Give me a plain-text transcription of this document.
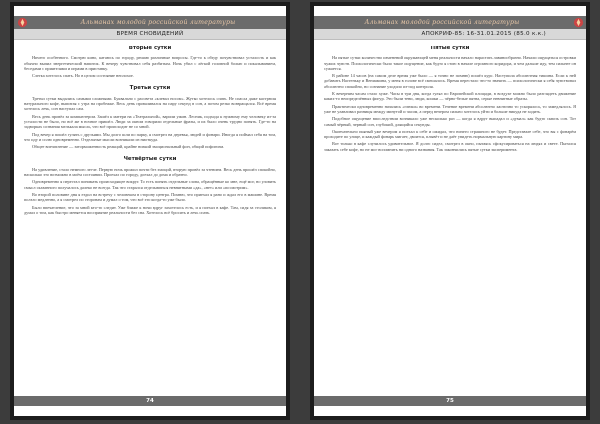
Альманах молодой российской литературы
ВРЕМЯ СНОВИДЕНИЙ
Вторые сутки

Ничего особенного. Смотрю кино, катаюсь по городу, решаю различные вопросы. Где-то к обеду почувствовал усталость и как обычно выпил энергетический напиток. К вечеру чувствовал себя разбитым. Ночь убил с лёгкой головной болью и покалыванием, беседами с приятелями и играми в приставку.

Слегка хотелось спать. Но в целом состояние неплохое.

Третьи сутки

Третьи сутки выдались самыми сложными. Буквально с рассвета «клевал носом». Жутко хотелось спать. Не спасла даже кастрюля натурального кофе, выпитая с утра на пробежке. Весь день проваливался на пару секунд в сон, а потом резко возвращался. Всё время хотелось лечь, сон наступал сам.

Весь день провёл за компьютером. Зашёл к матери на «Театральной», варили ужин. Лесник, подхода к нужному ему человеку из-за усталости не было, но всё же в ночное пришёл. Люди за окном говорили отдельные фразы, и их было очень трудно понять. Где-то на задворках сознания мелькала мысль, что всё происходит не со мной.

Под вечер я пошёл гулять с друзьями. Мы долго шли по парку, я смотрел на деревья, людей и фонари. Иногда я поймал себя на том, что иду и сплю одновременно. Отдельные мысли возникали из ниоткуда.

Общее впечатление — заторможенность реакций, крайне низкий эмоциональный фон, общий пофигизм.

Четвёртые сутки

На удивление, стало немного легче. Первую ночь прожил почти без эмоций, вторую провёл за чтением. Весь день прошёл спокойно, насколько это возможно в моём состоянии. Проехал по городу, доехал до дома и обратно.

Одновременно я перестал понимать происходящее вокруг. То есть понять отдельные слова, обращённые ко мне, ещё мог, но уловить смысл сказанного получалось далеко не всегда. Так что старался отделываться невнятными «да», «нет» или «посмотрим».

Во второй половине дня я ездил на встречу с человеком в сторону центра. Помню, что приехал я рано и ждал его в машине. Время ползло медленно, а я смотрел по сторонам и думал о том, что всё это когда-то уже было.

Было впечатление, что за мной кто-то следит. Уже ближе к ночи вдруг захотелось есть, и я поехал в кафе. Там, сидя за столиком, я думал о том, как быстро меняется восприятие реальности без сна. Хотелось всё бросить и лечь спать.

74
Альманах молодой российской литературы
АПОКРИФ-85: 16-31.01.2015 (85.0 к.к.)
Пятые сутки

На пятые сутки количество изменений окружающей меня реальности начало нарастать лавинообразно. Начали ощущаться островки чужих чувств. Психологически было такое ощущение, как будто я стою в начале огромного коридора, и чем дальше иду, тем сильнее он сужается.

В районе 14 часов (на самом деле время уже было — я точно не помню) пошёл курс. Наступила абсолютная тишина. Если к ней добавить Настеньку и Вениамина, у меня в голове всё смешалось. Время перестало что-то значить — психологически я себя чувствовал абсолютно спокойно, но сознание уходило из-под контроля.

К вечерним часам стало хуже. Часы в три дня, когда гулял по Европейской площади, в воздухе можно было разглядеть движение каких-то неопределённых фигур. Это были тени, люди, кошки — чёрно-белые пятна, серые невнятные образы.

Практически одновременно начались «глюки» во времени. Течение времени абсолютно хаотично то ускорялось, то замедлялось. Я уже не улавливал разницы между минутой и часом, а перед вечером сильно хотелось уйти и больше никуда не ходить.

Подобное ощущение впоследствии возникало уже несколько раз — когда я вдруг выпадал и «думал» как будто сквозь сон. Тот самый чёрный, черный сон, глубокий, длящийся секунды.

Окончательно пьяный уже вечером я поехал к себе и ожидал, что ничего страшного не будет. Представьте себе, что вы с фонарём проходите по улице, и каждый фонарь мигает, двоится, плывёт и не даёт увидеть нормальную картину мира.

Вот только в кафе случилось удивительное. Я долго сидел, смотрел в окно, пытаясь сфокусироваться на людях и свете. Пытался заказать себе кофе, но не мог вспомнить ни одного названия. Так закончились пятые сутки эксперимента.

75
